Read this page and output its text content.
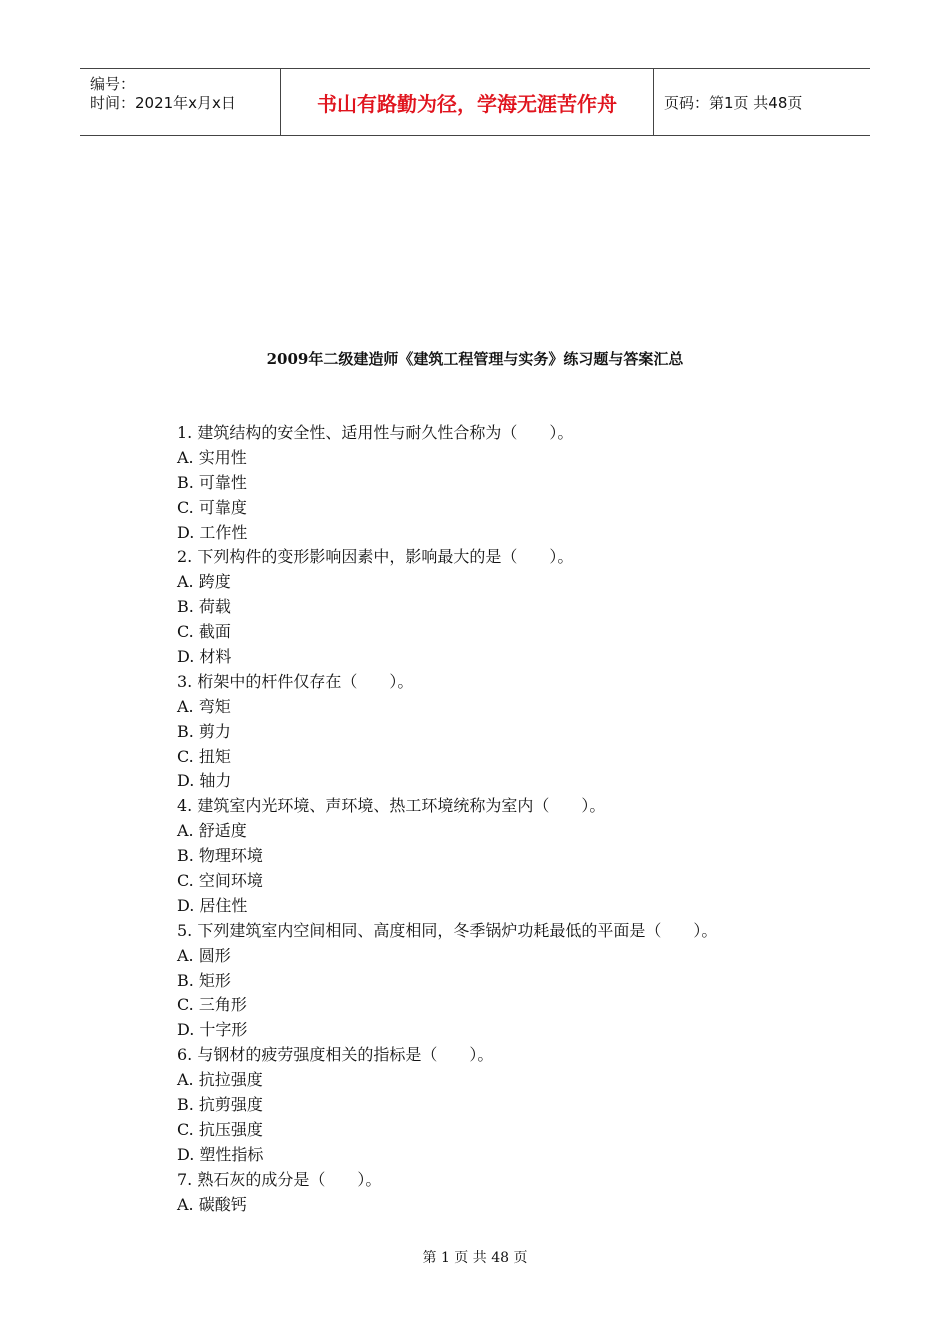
编号：
时间：2021年x月x日	书山有路勤为径，学海无涯苦作舟	页码：第1页 共48页
2009年二级建造师《建筑工程管理与实务》练习题与答案汇总
1. 建筑结构的安全性、适用性与耐久性合称为（　　）。
A. 实用性
B. 可靠性
C. 可靠度
D. 工作性
2. 下列构件的变形影响因素中，影响最大的是（　　）。
A. 跨度
B. 荷载
C. 截面
D. 材料
3. 桁架中的杆件仅存在（　　）。
A. 弯矩
B. 剪力
C. 扭矩
D. 轴力
4. 建筑室内光环境、声环境、热工环境统称为室内（　　）。
A. 舒适度
B. 物理环境
C. 空间环境
D. 居住性
5. 下列建筑室内空间相同、高度相同，冬季锅炉功耗最低的平面是（　　）。
A. 圆形
B. 矩形
C. 三角形
D. 十字形
6. 与钢材的疲劳强度相关的指标是（　　）。
A. 抗拉强度
B. 抗剪强度
C. 抗压强度
D. 塑性指标
7. 熟石灰的成分是（　　）。
A. 碳酸钙
第 1 页 共 48 页
